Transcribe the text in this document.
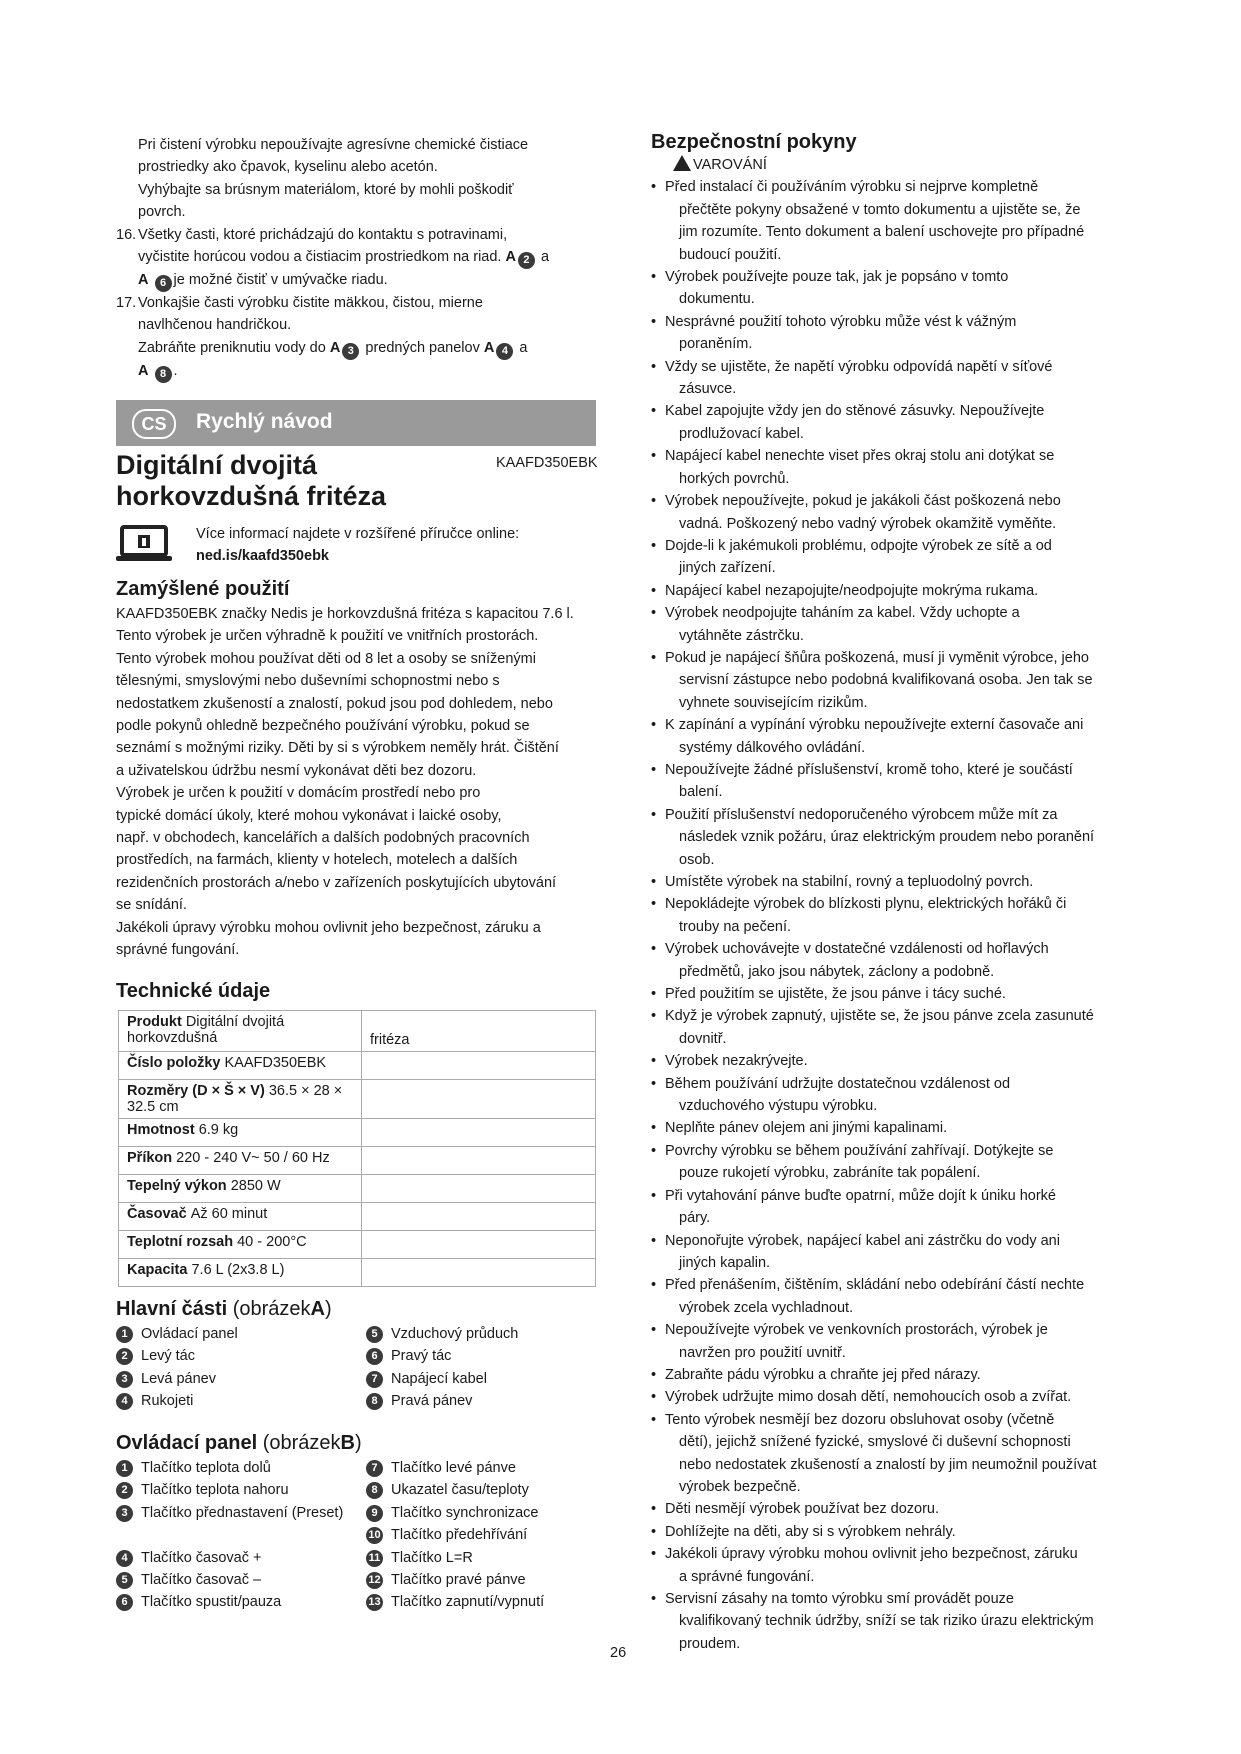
Pri čistení výrobku nepoužívajte agresívne chemické čistiace
prostriedky ako čpavok, kyselinu alebo acetón.
Vyhýbajte sa brúsnym materiálom, ktoré by mohli poškodiť
povrch.
16. Všetky časti, ktoré prichádzajú do kontaktu s potravinami,
vyčistite horúcou vodou a čistiacim prostriedkom na riad. A 2 a
A 6 je možné čistiť v umývačke riadu.
17. Vonkajšie časti výrobku čistite mäkkou, čistou, mierne
navlhčenou handričkou.
Zabráňte preniknutiu vody do A 3 predných panelov A 4 a
A 8 .
CS	Rychlý návod
Digitální dvojitá
horkovzdušná fritéza
KAAFD350EBK
Více informací najdete v rozšířené příručce online:
ned.is/kaafd350ebk
Zamýšlené použití
KAAFD350EBK značky Nedis je horkovzdušná fritéza s kapacitou 7.6 l.
Tento výrobek je určen výhradně k použití ve vnitřních prostorách.
Tento výrobek mohou používat děti od 8 let a osoby se sníženými
tělesnými, smyslovými nebo duševními schopnostmi nebo s
nedostatkem zkušeností a znalostí, pokud jsou pod dohledem, nebo
podle pokynů ohledně bezpečného používání výrobku, pokud se
seznámí s možnými riziky. Děti by si s výrobkem neměly hrát. Čištění
a uživatelskou údržbu nesmí vykonávat děti bez dozoru.
Výrobek je určen k použití v domácím prostředí nebo pro
typické domácí úkoly, které mohou vykonávat i laické osoby,
např. v obchodech, kancelářích a dalších podobných pracovních
prostředích, na farmách, klienty v hotelech, motelech a dalších
rezidenčních prostorách a/nebo v zařízeních poskytujících ubytování
se snídání.
Jakékoli úpravy výrobku mohou ovlivnit jeho bezpečnost, záruku a
správné fungování.
Technické údaje
Produkt Digitální dvojitá horkovzdušná	fritéza

Číslo položky KAAFD350EBK	
Rozměry (D × Š × V) 36.5 × 28 × 32.5 cm	
Hmotnost 6.9 kg	
Příkon 220 - 240 V~ 50 / 60 Hz	
Tepelný výkon 2850 W	
Časovač Až 60 minut	
Teplotní rozsah 40 - 200°C	
Kapacita 7.6 L (2x3.8 L)	
Hlavní části (obrázekA)
1 Ovládací panel	5 Vzduchový průduch
2 Levý tác	6 Pravý tác
3 Levá pánev	7 Napájecí kabel
4 Rukojeti	8 Pravá pánev
Ovládací panel (obrázekB)
1 Tlačítko teplota dolů	7 Tlačítko levé pánve
2 Tlačítko teplota nahoru	8 Ukazatel času/teploty
3 Tlačítko přednastavení (Preset)	9 Tlačítko synchronizace
10 Tlačítko předehřívání
4 Tlačítko časovač +	11 Tlačítko L=R
5 Tlačítko časovač –	12 Tlačítko pravé pánve
6 Tlačítko spustit/pauza	13 Tlačítko zapnutí/vypnutí
Bezpečnostní pokyny
VAROVÁNÍ
• Před instalací či používáním výrobku si nejprve kompletně
přečtěte pokyny obsažené v tomto dokumentu a ujistěte se, že
jim rozumíte. Tento dokument a balení uschovejte pro případné
budoucí použití.
• Výrobek používejte pouze tak, jak je popsáno v tomto
dokumentu.
• Nesprávné použití tohoto výrobku může vést k vážným
poraněním.
• Vždy se ujistěte, že napětí výrobku odpovídá napětí v síťové
zásuvce.
• Kabel zapojujte vždy jen do stěnové zásuvky. Nepoužívejte
prodlužovací kabel.
• Napájecí kabel nenechte viset přes okraj stolu ani dotýkat se
horkých povrchů.
• Výrobek nepoužívejte, pokud je jakákoli část poškozená nebo
vadná. Poškozený nebo vadný výrobek okamžitě vyměňte.
• Dojde-li k jakémukoli problému, odpojte výrobek ze sítě a od
jiných zařízení.
• Napájecí kabel nezapojujte/neodpojujte mokrýma rukama.
• Výrobek neodpojujte taháním za kabel. Vždy uchopte a
vytáhněte zástrčku.
• Pokud je napájecí šňůra poškozená, musí ji vyměnit výrobce, jeho
servisní zástupce nebo podobná kvalifikovaná osoba. Jen tak se
vyhnete souvisejícím rizikům.
• K zapínání a vypínání výrobku nepoužívejte externí časovače ani
systémy dálkového ovládání.
• Nepoužívejte žádné příslušenství, kromě toho, které je součástí
balení.
• Použití příslušenství nedoporučeného výrobcem může mít za
následek vznik požáru, úraz elektrickým proudem nebo poranění
osob.
• Umístěte výrobek na stabilní, rovný a tepluodolný povrch.
• Nepokládejte výrobek do blízkosti plynu, elektrických hořáků či
trouby na pečení.
• Výrobek uchovávejte v dostatečné vzdálenosti od hořlavých
předmětů, jako jsou nábytek, záclony a podobně.
• Před použitím se ujistěte, že jsou pánve i tácy suché.
• Když je výrobek zapnutý, ujistěte se, že jsou pánve zcela zasunuté
dovnitř.
• Výrobek nezakrývejte.
• Během používání udržujte dostatečnou vzdálenost od
vzduchového výstupu výrobku.
• Neplňte pánev olejem ani jinými kapalinami.
• Povrchy výrobku se během používání zahřívají. Dotýkejte se
pouze rukojetí výrobku, zabráníte tak popálení.
• Při vytahování pánve buďte opatrní, může dojít k úniku horké
páry.
• Neponořujte výrobek, napájecí kabel ani zástrčku do vody ani
jiných kapalin.
• Před přenášením, čištěním, skládání nebo odebírání částí nechte
výrobek zcela vychladnout.
• Nepoužívejte výrobek ve venkovních prostorách, výrobek je
navržen pro použití uvnitř.
• Zabraňte pádu výrobku a chraňte jej před nárazy.
• Výrobek udržujte mimo dosah dětí, nemohoucích osob a zvířat.
• Tento výrobek nesmějí bez dozoru obsluhovat osoby (včetně
dětí), jejichž snížené fyzické, smyslové či duševní schopnosti
nebo nedostatek zkušeností a znalostí by jim neumožnil používat
výrobek bezpečně.
• Děti nesmějí výrobek používat bez dozoru.
• Dohlížejte na děti, aby si s výrobkem nehrály.
• Jakékoli úpravy výrobku mohou ovlivnit jeho bezpečnost, záruku
a správné fungování.
• Servisní zásahy na tomto výrobku smí provádět pouze
kvalifikovaný technik údržby, sníží se tak riziko úrazu elektrickým
proudem.
26
